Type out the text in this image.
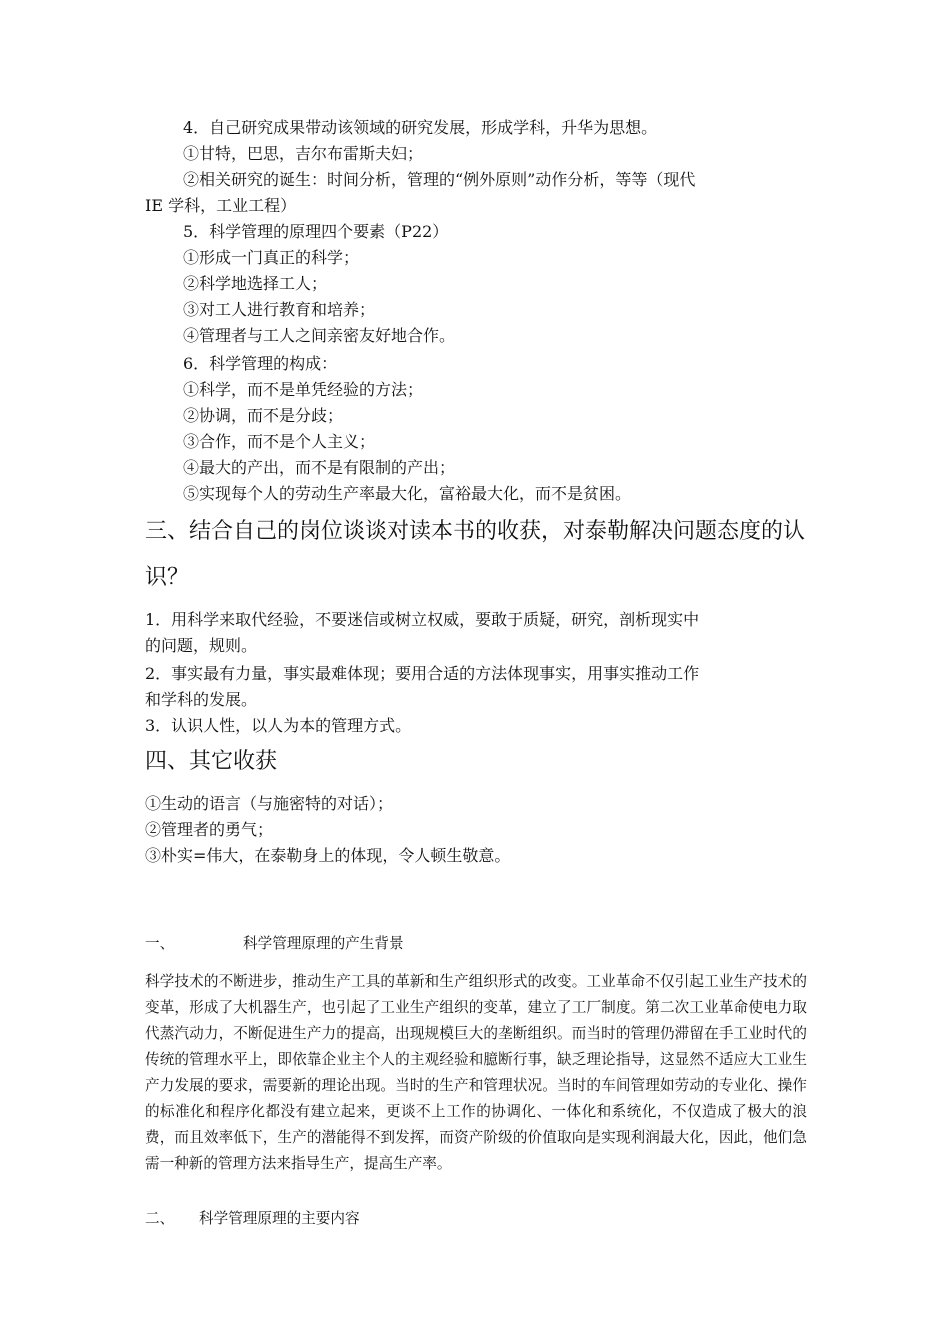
4．自己研究成果带动该领域的研究发展，形成学科，升华为思想。
①甘特，巴思，吉尔布雷斯夫妇；
②相关研究的诞生：时间分析，管理的“例外原则”动作分析，等等（现代
IE 学科，工业工程）
5．科学管理的原理四个要素（P22）
①形成一门真正的科学；
②科学地选择工人；
③对工人进行教育和培养；
④管理者与工人之间亲密友好地合作。
6．科学管理的构成：
①科学，而不是单凭经验的方法；
②协调，而不是分歧；
③合作，而不是个人主义；
④最大的产出，而不是有限制的产出；
⑤实现每个人的劳动生产率最大化，富裕最大化，而不是贫困。
三、结合自己的岗位谈谈对读本书的收获，对泰勒解决问题态度的认
识？
1．用科学来取代经验，不要迷信或树立权威，要敢于质疑，研究，剖析现实中
的问题，规则。
2．事实最有力量，事实最难体现；要用合适的方法体现事实，用事实推动工作
和学科的发展。
3．认识人性，以人为本的管理方式。
四、其它收获
①生动的语言（与施密特的对话）；
②管理者的勇气；
③朴实=伟大，在泰勒身上的体现，令人顿生敬意。
一、	科学管理原理的产生背景
科学技术的不断进步，推动生产工具的革新和生产组织形式的改变。工业革命不仅引起工业生产技术的变革，形成了大机器生产，也引起了工业生产组织的变革，建立了工厂制度。第二次工业革命使电力取代蒸汽动力，不断促进生产力的提高，出现规模巨大的垄断组织。而当时的管理仍滞留在手工业时代的传统的管理水平上，即依靠企业主个人的主观经验和臆断行事，缺乏理论指导，这显然不适应大工业生产力发展的要求，需要新的理论出现。当时的生产和管理状况。当时的车间管理如劳动的专业化、操作的标准化和程序化都没有建立起来，更谈不上工作的协调化、一体化和系统化，不仅造成了极大的浪费，而且效率低下，生产的潜能得不到发挥，而资产阶级的价值取向是实现利润最大化，因此，他们急需一种新的管理方法来指导生产，提高生产率。
二、 科学管理原理的主要内容
